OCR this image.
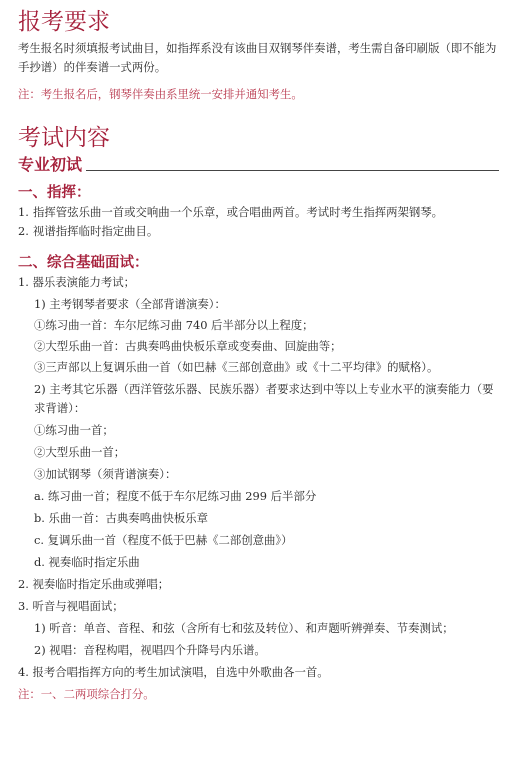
报考要求

考生报名时须填报考试曲目，如指挥系没有该曲目双钢琴伴奏谱，考生需自备印刷版（即不能为手抄谱）的伴奏谱一式两份。

注：考生报名后，钢琴伴奏由系里统一安排并通知考生。

考试内容
专业初试

一、指挥：

1. 指挥管弦乐曲一首或交响曲一个乐章，或合唱曲两首。考试时考生指挥两架钢琴。
2. 视谱指挥临时指定曲目。

二、综合基础面试：

1. 器乐表演能力考试；

1) 主考钢琴者要求（全部背谱演奏）：

①练习曲一首：车尔尼练习曲 740 后半部分以上程度；

②大型乐曲一首：古典奏鸣曲快板乐章或变奏曲、回旋曲等；

③三声部以上复调乐曲一首（如巴赫《三部创意曲》或《十二平均律》的赋格）。

2) 主考其它乐器（西洋管弦乐器、民族乐器）者要求达到中等以上专业水平的演奏能力（要求背谱）：

①练习曲一首；

②大型乐曲一首；

③加试钢琴（须背谱演奏）：

a. 练习曲一首；程度不低于车尔尼练习曲 299 后半部分

b. 乐曲一首：古典奏鸣曲快板乐章

c. 复调乐曲一首（程度不低于巴赫《二部创意曲》）

d. 视奏临时指定乐曲

2. 视奏临时指定乐曲或弹唱；

3. 听音与视唱面试；

1) 听音：单音、音程、和弦（含所有七和弦及转位）、和声题听辨弹奏、节奏测试；

2) 视唱：音程构唱，视唱四个升降号内乐谱。

4. 报考合唱指挥方向的考生加试演唱，自选中外歌曲各一首。

注：一、二两项综合打分。
